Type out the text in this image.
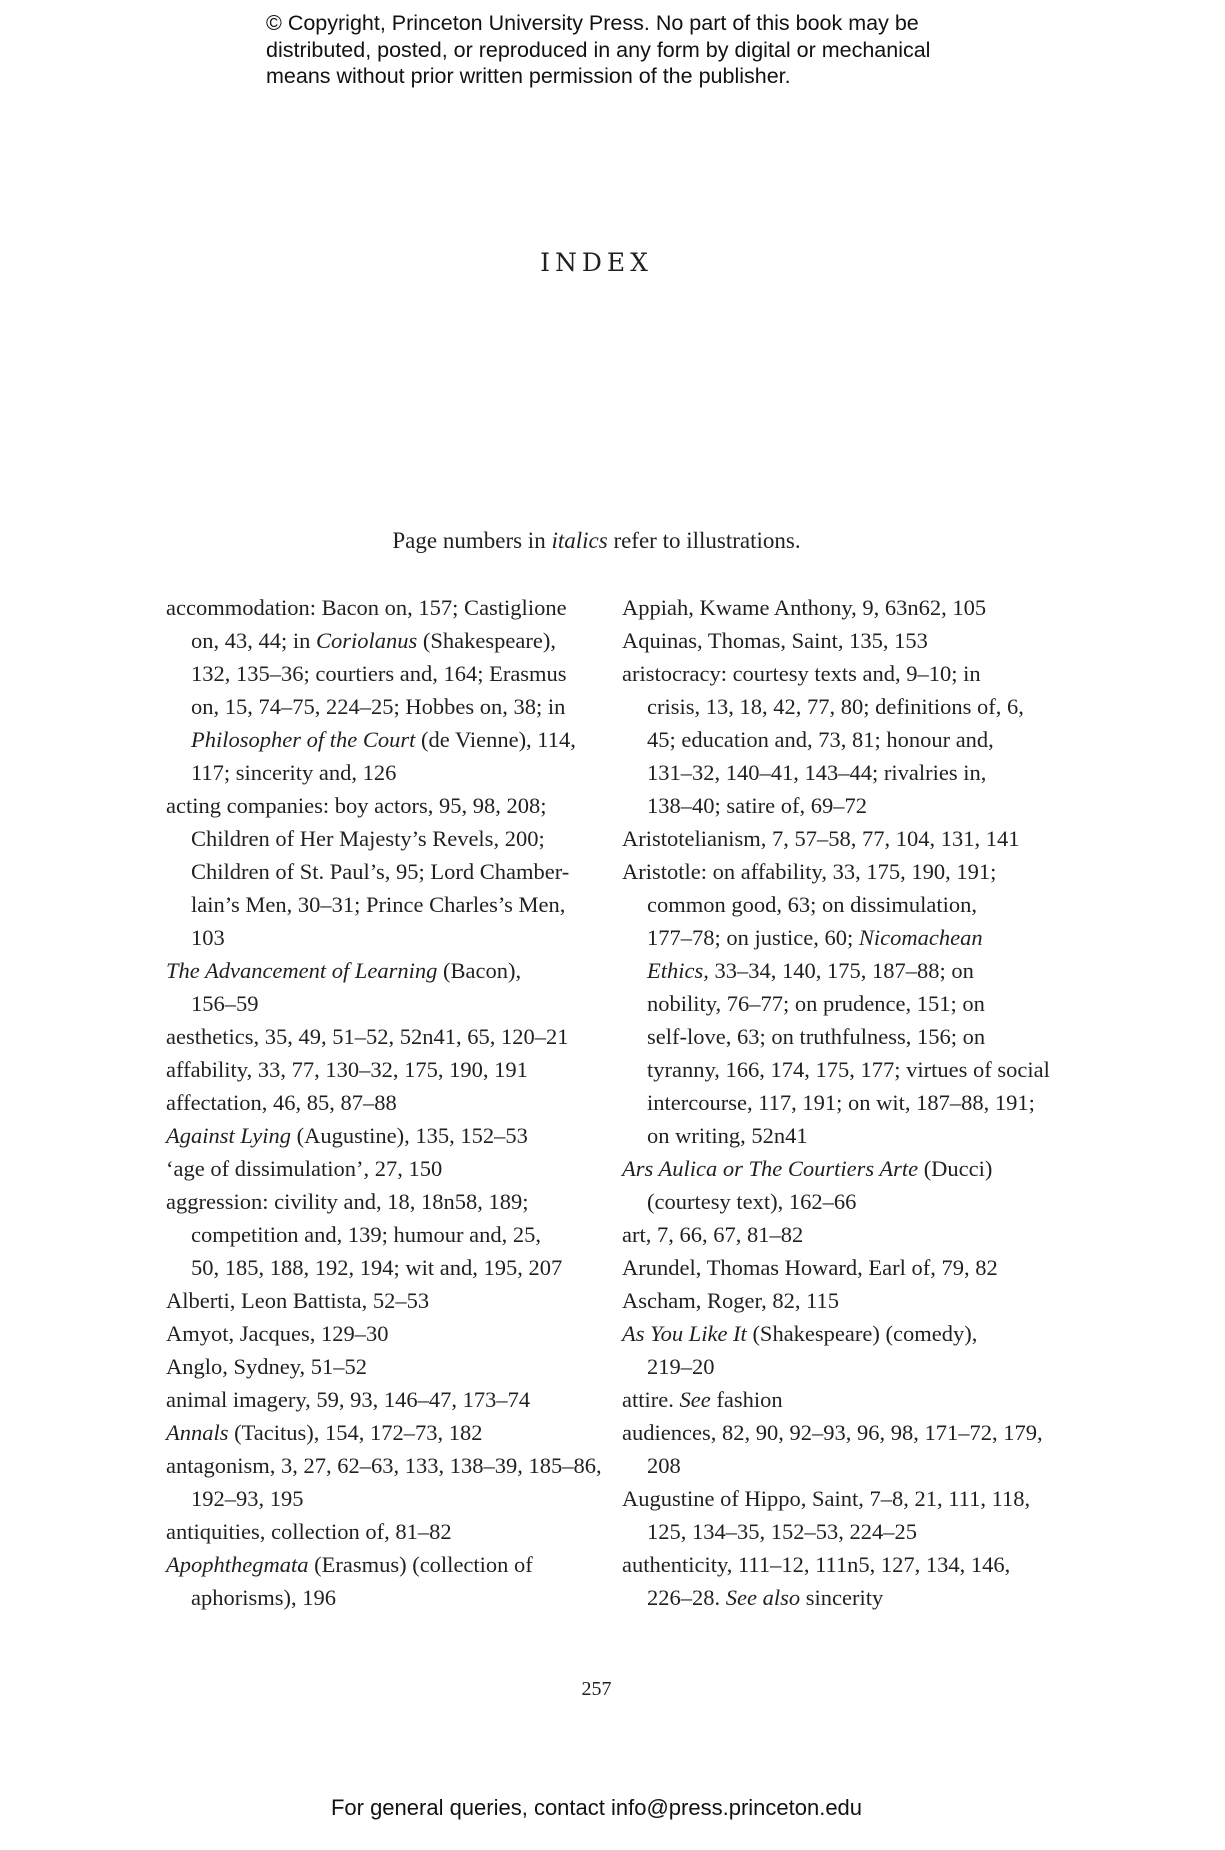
© Copyright, Princeton University Press. No part of this book may be
distributed, posted, or reproduced in any form by digital or mechanical
means without prior written permission of the publisher.
INDEX
Page numbers in italics refer to illustrations.

accommodation: Bacon on, 157; Castiglione
on, 43, 44; in Coriolanus (Shakespeare),
132, 135–36; courtiers and, 164; Erasmus
on, 15, 74–75, 224–25; Hobbes on, 38; in
Philosopher of the Court (de Vienne), 114,
117; sincerity and, 126

acting companies: boy actors, 95, 98, 208;
Children of Her Majesty’s Revels, 200;
Children of St. Paul’s, 95; Lord Chamber-
lain’s Men, 30–31; Prince Charles’s Men,
103

The Advancement of Learning (Bacon),
156–59

aesthetics, 35, 49, 51–52, 52n41, 65, 120–21

affability, 33, 77, 130–32, 175, 190, 191

affectation, 46, 85, 87–88

Against Lying (Augustine), 135, 152–53

‘age of dissimulation’, 27, 150

aggression: civility and, 18, 18n58, 189;
competition and, 139; humour and, 25,
50, 185, 188, 192, 194; wit and, 195, 207

Alberti, Leon Battista, 52–53

Amyot, Jacques, 129–30

Anglo, Sydney, 51–52

animal imagery, 59, 93, 146–47, 173–74

Annals (Tacitus), 154, 172–73, 182

antagonism, 3, 27, 62–63, 133, 138–39, 185–86,
192–93, 195

antiquities, collection of, 81–82

Apophthegmata (Erasmus) (collection of
aphorisms), 196

Appiah, Kwame Anthony, 9, 63n62, 105

Aquinas, Thomas, Saint, 135, 153

aristocracy: courtesy texts and, 9–10; in
crisis, 13, 18, 42, 77, 80; definitions of, 6,
45; education and, 73, 81; honour and,
131–32, 140–41, 143–44; rivalries in,
138–40; satire of, 69–72

Aristotelianism, 7, 57–58, 77, 104, 131, 141

Aristotle: on affability, 33, 175, 190, 191;
common good, 63; on dissimulation,
177–78; on justice, 60; Nicomachean
Ethics, 33–34, 140, 175, 187–88; on
nobility, 76–77; on prudence, 151; on
self-love, 63; on truthfulness, 156; on
tyranny, 166, 174, 175, 177; virtues of social
intercourse, 117, 191; on wit, 187–88, 191;
on writing, 52n41

Ars Aulica or The Courtiers Arte (Ducci)
(courtesy text), 162–66

art, 7, 66, 67, 81–82

Arundel, Thomas Howard, Earl of, 79, 82

Ascham, Roger, 82, 115

As You Like It (Shakespeare) (comedy),
219–20

attire. See fashion

audiences, 82, 90, 92–93, 96, 98, 171–72, 179,
208

Augustine of Hippo, Saint, 7–8, 21, 111, 118,
125, 134–35, 152–53, 224–25

authenticity, 111–12, 111n5, 127, 134, 146,
226–28. See also sincerity

257
For general queries, contact info@press.princeton.edu
